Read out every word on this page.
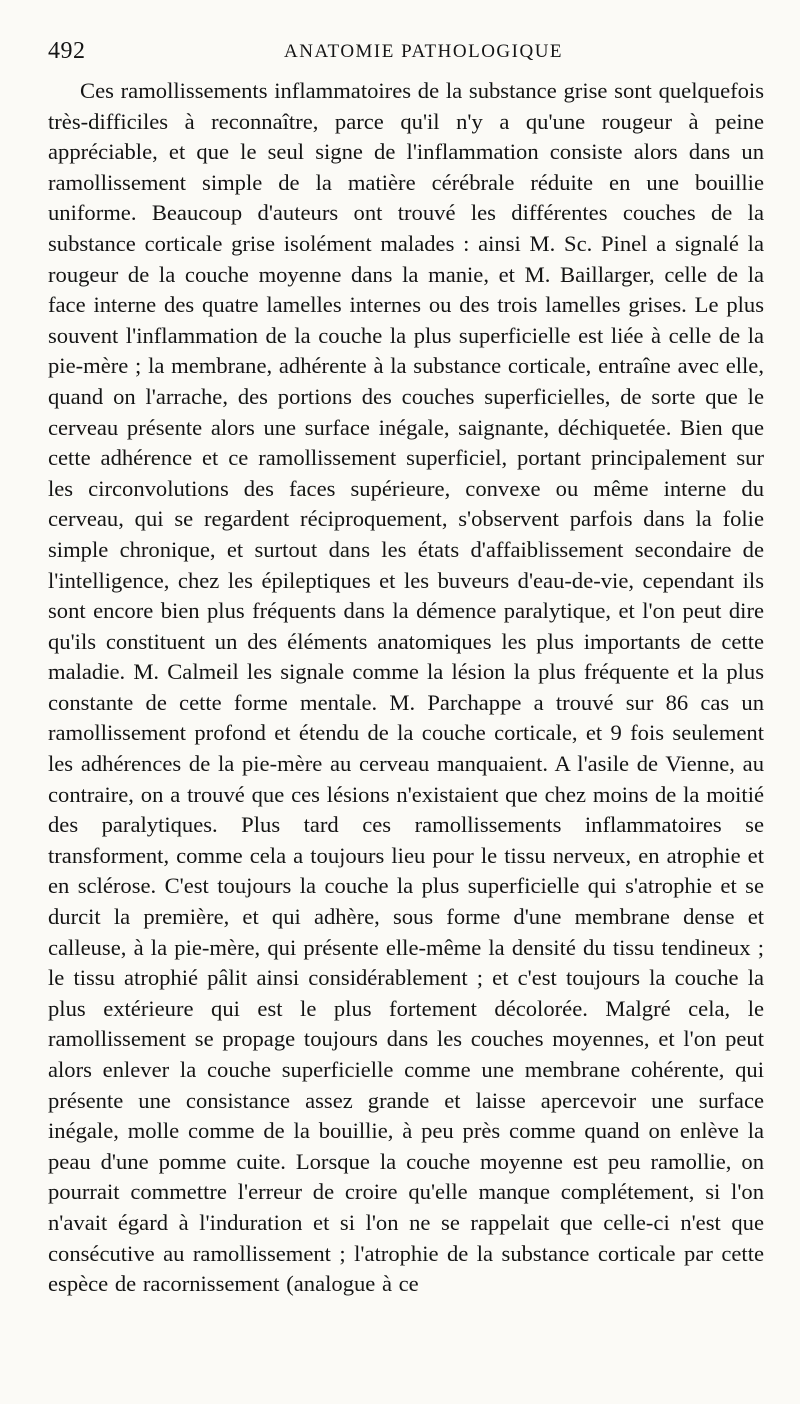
492	ANATOMIE PATHOLOGIQUE

Ces ramollissements inflammatoires de la substance grise sont quelquefois très-difficiles à reconnaître, parce qu'il n'y a qu'une rougeur à peine appréciable, et que le seul signe de l'inflammation consiste alors dans un ramollissement simple de la matière cérébrale réduite en une bouillie uniforme. Beaucoup d'auteurs ont trouvé les différentes couches de la substance corticale grise isolément malades : ainsi M. Sc. Pinel a signalé la rougeur de la couche moyenne dans la manie, et M. Baillarger, celle de la face interne des quatre lamelles internes ou des trois lamelles grises. Le plus souvent l'inflammation de la couche la plus superficielle est liée à celle de la pie-mère ; la membrane, adhérente à la substance corticale, entraîne avec elle, quand on l'arrache, des portions des couches superficielles, de sorte que le cerveau présente alors une surface inégale, saignante, déchiquetée. Bien que cette adhérence et ce ramollissement superficiel, portant principalement sur les circonvolutions des faces supérieure, convexe ou même interne du cerveau, qui se regardent réciproquement, s'observent parfois dans la folie simple chronique, et surtout dans les états d'affaiblissement secondaire de l'intelligence, chez les épileptiques et les buveurs d'eau-de-vie, cependant ils sont encore bien plus fréquents dans la démence paralytique, et l'on peut dire qu'ils constituent un des éléments anatomiques les plus importants de cette maladie. M. Calmeil les signale comme la lésion la plus fréquente et la plus constante de cette forme mentale. M. Parchappe a trouvé sur 86 cas un ramollissement profond et étendu de la couche corticale, et 9 fois seulement les adhérences de la pie-mère au cerveau manquaient. A l'asile de Vienne, au contraire, on a trouvé que ces lésions n'existaient que chez moins de la moitié des paralytiques. Plus tard ces ramollissements inflammatoires se transforment, comme cela a toujours lieu pour le tissu nerveux, en atrophie et en sclérose. C'est toujours la couche la plus superficielle qui s'atrophie et se durcit la première, et qui adhère, sous forme d'une membrane dense et calleuse, à la pie-mère, qui présente elle-même la densité du tissu tendineux ; le tissu atrophié pâlit ainsi considérablement ; et c'est toujours la couche la plus extérieure qui est le plus fortement décolorée. Malgré cela, le ramollissement se propage toujours dans les couches moyennes, et l'on peut alors enlever la couche superficielle comme une membrane cohérente, qui présente une consistance assez grande et laisse apercevoir une surface inégale, molle comme de la bouillie, à peu près comme quand on enlève la peau d'une pomme cuite. Lorsque la couche moyenne est peu ramollie, on pourrait commettre l'erreur de croire qu'elle manque complétement, si l'on n'avait égard à l'induration et si l'on ne se rappelait que celle-ci n'est que consécutive au ramollissement ; l'atrophie de la substance corticale par cette espèce de racornissement (analogue à ce
